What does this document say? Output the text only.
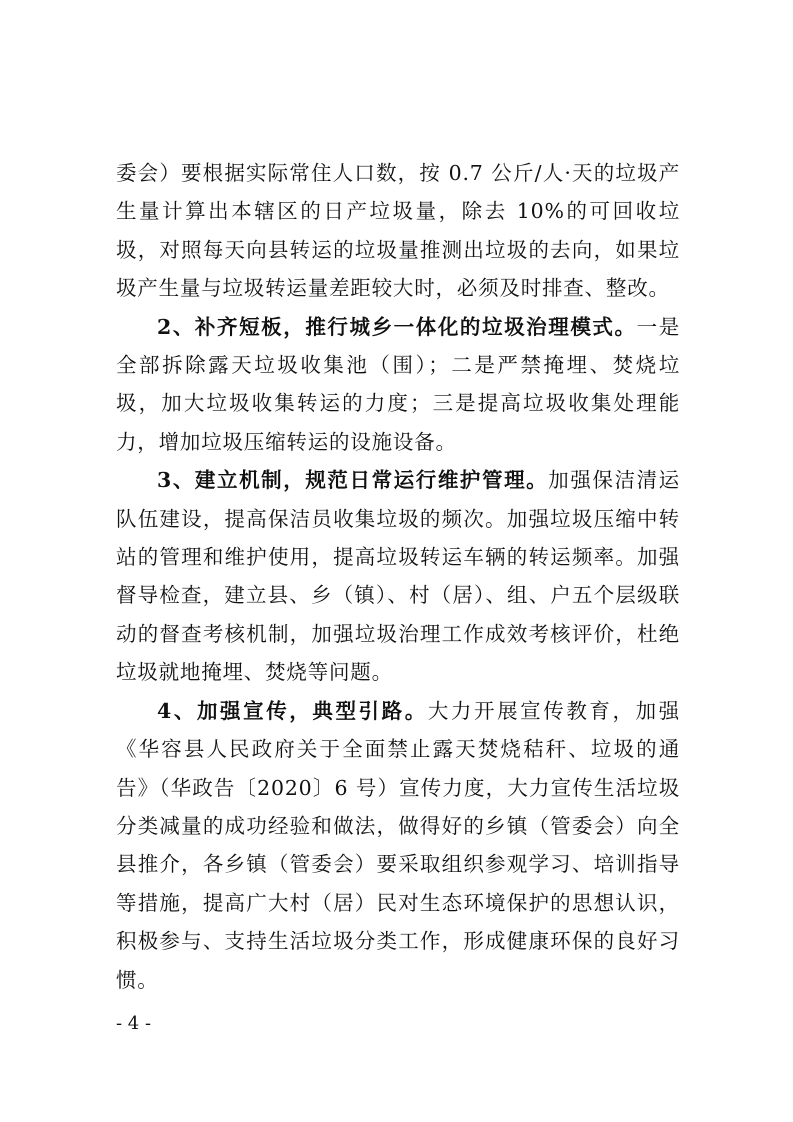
委会）要根据实际常住人口数，按 0.7 公斤/人·天的垃圾产生量计算出本辖区的日产垃圾量，除去 10%的可回收垃圾，对照每天向县转运的垃圾量推测出垃圾的去向，如果垃圾产生量与垃圾转运量差距较大时，必须及时排查、整改。

2、补齐短板，推行城乡一体化的垃圾治理模式。一是全部拆除露天垃圾收集池（围）；二是严禁掩埋、焚烧垃圾，加大垃圾收集转运的力度；三是提高垃圾收集处理能力，增加垃圾压缩转运的设施设备。

3、建立机制，规范日常运行维护管理。加强保洁清运队伍建设，提高保洁员收集垃圾的频次。加强垃圾压缩中转站的管理和维护使用，提高垃圾转运车辆的转运频率。加强督导检查，建立县、乡（镇）、村（居）、组、户五个层级联动的督查考核机制，加强垃圾治理工作成效考核评价，杜绝垃圾就地掩埋、焚烧等问题。

4、加强宣传，典型引路。大力开展宣传教育，加强《华容县人民政府关于全面禁止露天焚烧秸秆、垃圾的通告》（华政告〔2020〕6 号）宣传力度，大力宣传生活垃圾分类减量的成功经验和做法，做得好的乡镇（管委会）向全县推介，各乡镇（管委会）要采取组织参观学习、培训指导等措施，提高广大村（居）民对生态环境保护的思想认识，积极参与、支持生活垃圾分类工作，形成健康环保的良好习惯。

- 4 -
